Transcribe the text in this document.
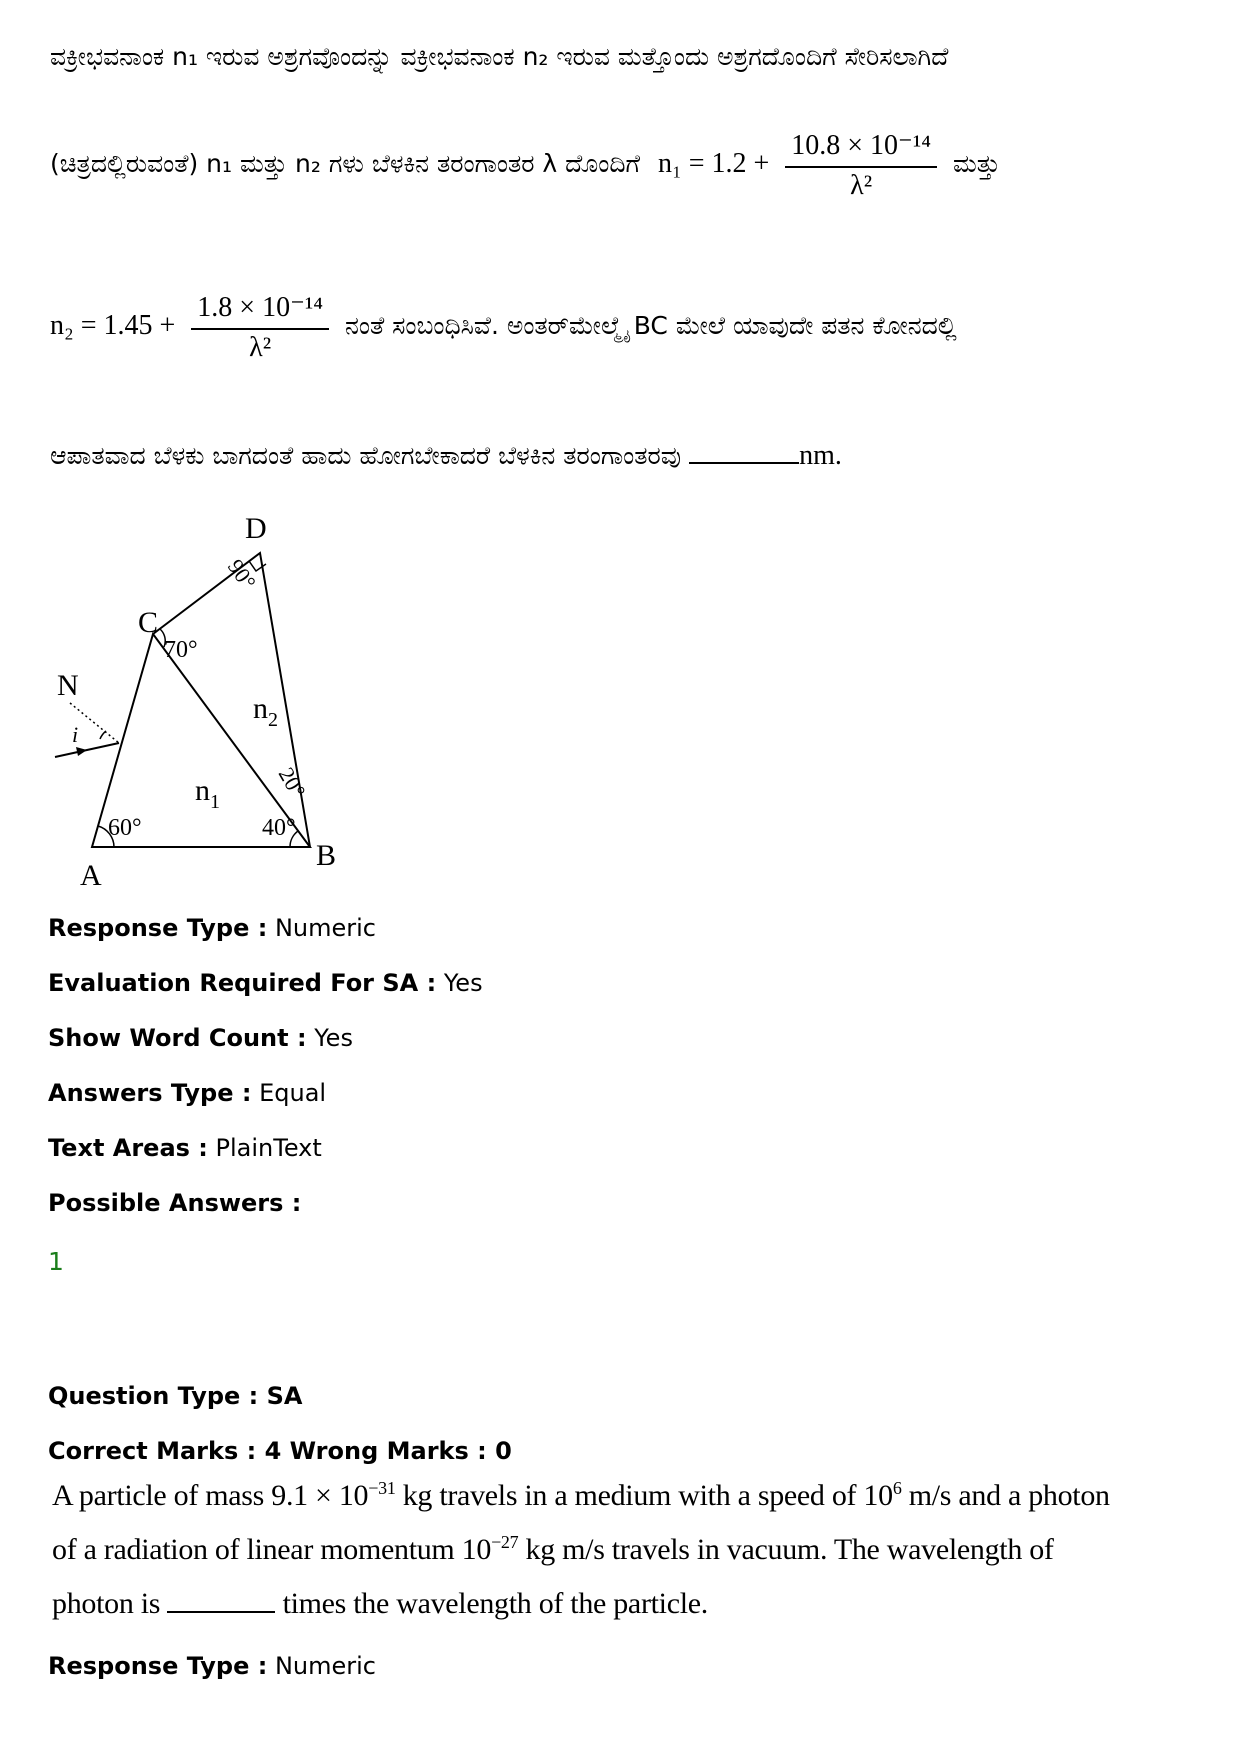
ವಕ್ರೀಭವನಾಂಕ n₁ ಇರುವ ಅಶ್ರಗವೊಂದನ್ನು ವಕ್ರೀಭವನಾಂಕ n₂ ಇರುವ ಮತ್ತೊಂದು ಅಶ್ರಗದೊಂದಿಗೆ ಸೇರಿಸಲಾಗಿದೆ
(ಚಿತ್ರದಲ್ಲಿರುವಂತೆ) n₁ ಮತ್ತು n₂ ಗಳು ಬೆಳಕಿನ ತರಂಗಾಂತರ λ ದೊಂದಿಗೆ $n_1 = 1.2 + \frac{\text{10.8 × 10⁻¹⁴}}{\text{λ²}}$ ಮತ್ತು
$n_2 = 1.45 + \frac{\text{1.8 × 10⁻¹⁴}}{\text{λ²}}$ ನಂತೆ ಸಂಬಂಧಿಸಿವೆ. ಅಂತರ್‌ಮೇಲ್ಮೈ BC ಮೇಲೆ ಯಾವುದೇ ಪತನ ಕೋನದಲ್ಲಿ
ಆಪಾತವಾದ ಬೆಳಕು ಬಾಗದಂತೆ ಹಾದು ಹೋಗಬೇಕಾದರೆ ಬೆಳಕಿನ ತರಂಗಾಂತರವು	nm.
D
C
N
i
A
B
60°	40°
70°
90°
20°
$n_1$
$n_2$
Response Type : Numeric
Evaluation Required For SA : Yes
Show Word Count : Yes
Answers Type : Equal
Text Areas : PlainText
Possible Answers :
1
Question Type : SA
Correct Marks : 4 Wrong Marks : 0
A particle of mass $9.1 \times 10^{-31}$ kg travels in a medium with a speed of $10^6$ m/s and a photon
of a radiation of linear momentum $10^{-27}$ kg m/s travels in vacuum. The wavelength of
photon is	times the wavelength of the particle.
Response Type : Numeric
